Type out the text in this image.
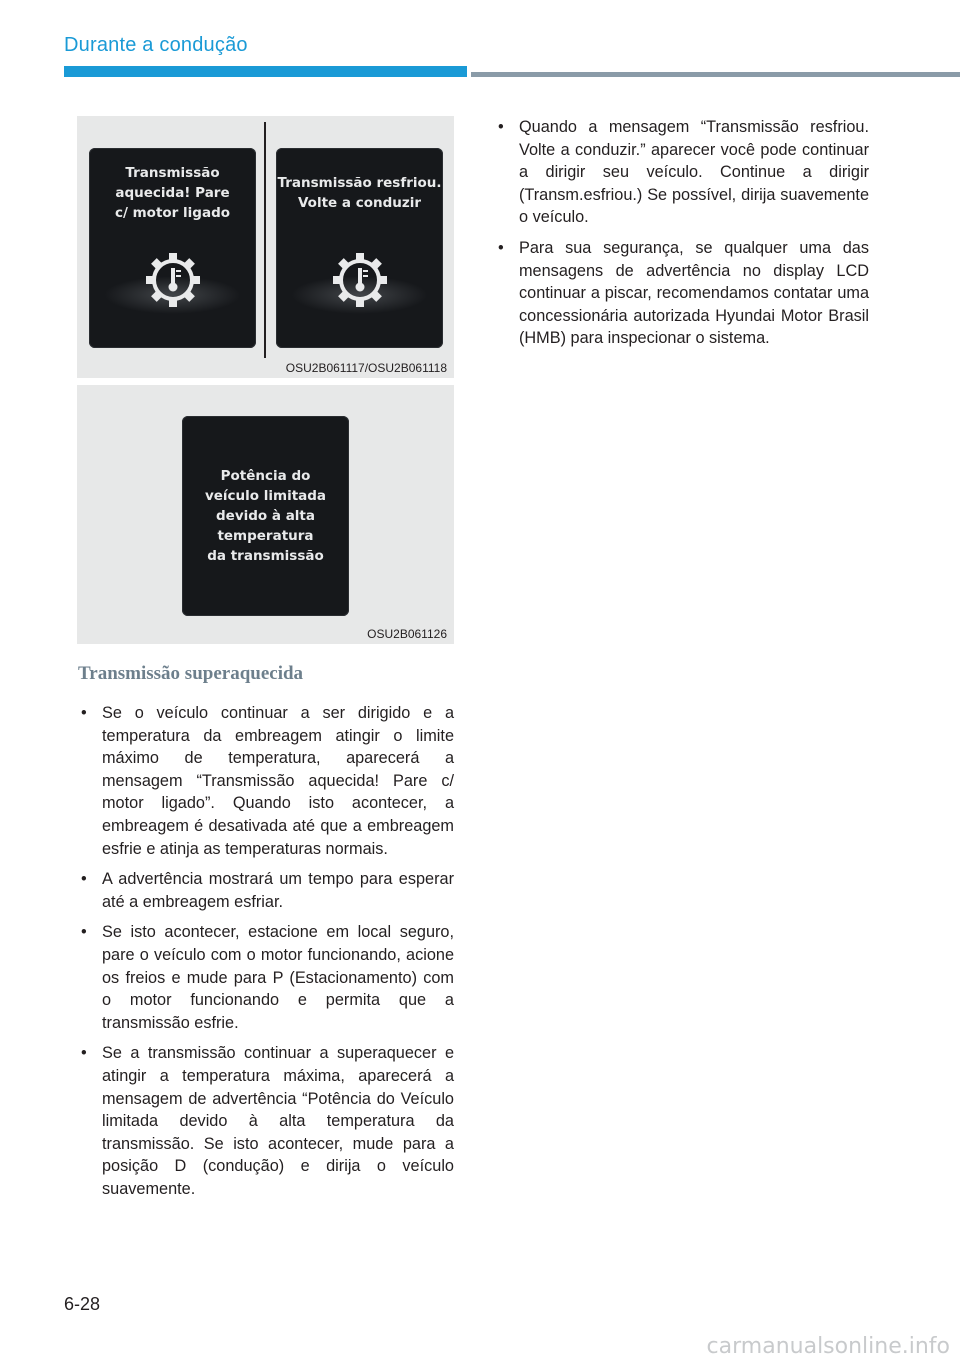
Durante a condução
Transmissão
aquecida! Pare
c/ motor ligado
Transmissão resfriou.
Volte a conduzir
OSU2B061117/OSU2B061118
Potência do
veículo limitada
devido à alta
temperatura
da transmissão
OSU2B061126
Transmissão superaquecida
• Se o veículo continuar a ser dirigido e a temperatura da embreagem atingir o limite máximo de temperatura, aparecerá a mensagem “Transmissão aquecida! Pare c/ motor ligado”. Quando isto acontecer, a embreagem é desativada até que a embreagem esfrie e atinja as temperaturas normais.
• A advertência mostrará um tempo para esperar até a embreagem esfriar.
• Se isto acontecer, estacione em local seguro, pare o veículo com o motor funcionando, acione os freios e mude para P (Estacionamento) com o motor funcionando e permita que a transmissão esfrie.
• Se a transmissão continuar a superaquecer e atingir a temperatura máxima, aparecerá a mensagem de advertência “Potência do Veículo limitada devido à alta temperatura da transmissão. Se isto acontecer, mude para a posição D (condução) e dirija o veículo suavemente.
• Quando a mensagem “Transmissão resfriou. Volte a conduzir.” aparecer você pode continuar a dirigir seu veículo. Continue a dirigir (Transm.esfriou.) Se possível, dirija suavemente o veículo.
• Para sua segurança, se qualquer uma das mensagens de advertência no display LCD continuar a piscar, recomendamos contatar uma concessionária autorizada Hyundai Motor Brasil (HMB) para inspecionar o sistema.
6-28
carmanualsonline.info
